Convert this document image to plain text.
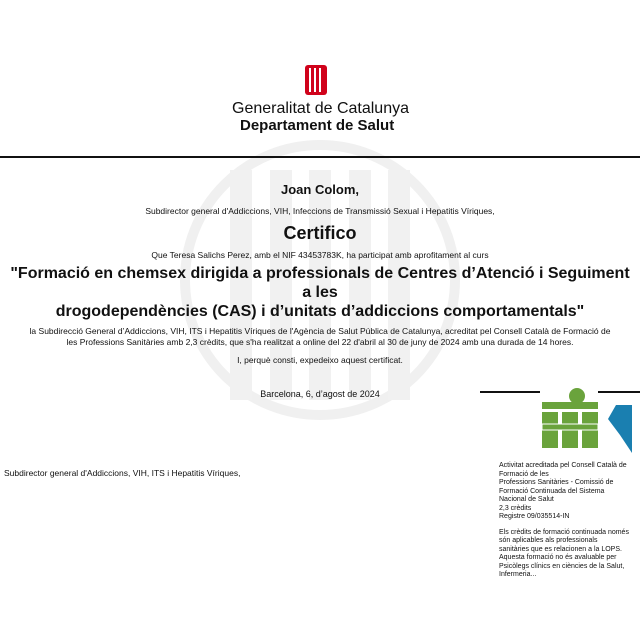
Generalitat de Catalunya
Departament de Salut
Joan Colom,
Subdirector general d'Addiccions, VIH, Infeccions de Transmissió Sexual i Hepatitis Víriques,
Certifico
Que Teresa Salichs Perez, amb el NIF 43453783K, ha participat amb aprofitament al curs
"Formació en chemsex dirigida a professionals de Centres d’Atenció i Seguiment a les
drogodependències (CAS) i d’unitats d’addiccions comportamentals"
la Subdirecció General d’Addiccions, VIH, ITS i Hepatitis Víriques de l'Agència de Salut Pública de Catalunya, acreditat pel Consell Català de Formació de
les Professions Sanitàries amb 2,3 crèdits, que s'ha realitzat a online del 22 d'abril al 30 de juny de 2024 amb una durada de 14 hores.
I, perquè consti, expedeixo aquest certificat.
Barcelona, 6, d’agost de 2024
Subdirector general d'Addiccions, VIH, ITS i Hepatitis Víriques,
Activitat acreditada pel Consell Català de Formació de les
Professions Sanitàries - Comissió de Formació Continuada del Sistema
Nacional de Salut
2,3 crèdits
Registre 09/035514-IN
Els crèdits de formació continuada només són aplicables als professionals
sanitàries que es relacionen a la LOPS. Aquesta formació no és avaluable per
Psicòlegs clínics en ciències de la Salut, Infermeria...
